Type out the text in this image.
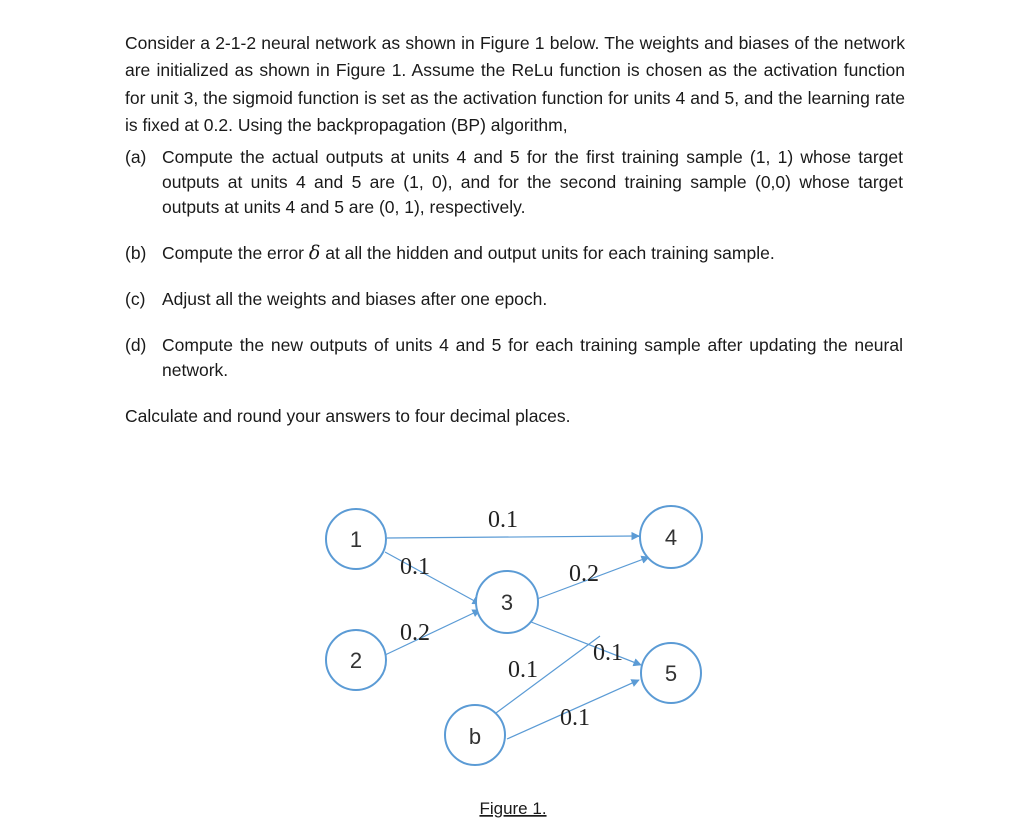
Consider a 2-1-2 neural network as shown in Figure 1 below. The weights and biases of the network are initialized as shown in Figure 1. Assume the ReLu function is chosen as the activation function for unit 3, the sigmoid function is set as the activation function for units 4 and 5, and the learning rate is fixed at 0.2. Using the backpropagation (BP) algorithm,

(a) Compute the actual outputs at units 4 and 5 for the first training sample (1, 1) whose target outputs at units 4 and 5 are (1, 0), and for the second training sample (0,0) whose target outputs at units 4 and 5 are (0, 1), respectively.
(b) Compute the error δ at all the hidden and output units for each training sample.
(c) Adjust all the weights and biases after one epoch.
(d) Compute the new outputs of units 4 and 5 for each training sample after updating the neural network.
Calculate and round your answers to four decimal places.
1
2
3
4
5
b
0.1
0.1
0.2
0.2
0.1
0.1
0.1
Figure 1.
